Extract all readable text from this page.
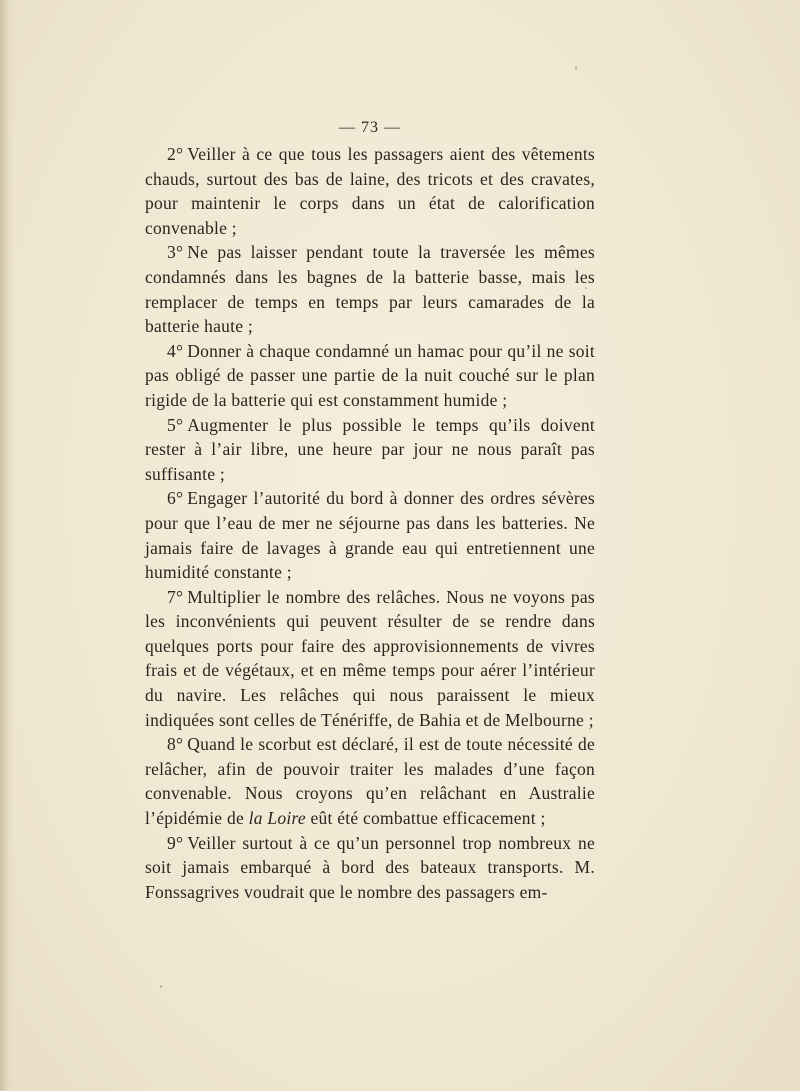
— 73 —

2° Veiller à ce que tous les passagers aient des vêtements chauds, surtout des bas de laine, des tricots et des cravates, pour maintenir le corps dans un état de calorification convenable ;

3° Ne pas laisser pendant toute la traversée les mêmes condamnés dans les bagnes de la batterie basse, mais les remplacer de temps en temps par leurs camarades de la batterie haute ;

4° Donner à chaque condamné un hamac pour qu’il ne soit pas obligé de passer une partie de la nuit couché sur le plan rigide de la batterie qui est constamment humide ;

5° Augmenter le plus possible le temps qu’ils doivent rester à l’air libre, une heure par jour ne nous paraît pas suffisante ;

6° Engager l’autorité du bord à donner des ordres sévères pour que l’eau de mer ne séjourne pas dans les batteries. Ne jamais faire de lavages à grande eau qui entretiennent une humidité constante ;

7° Multiplier le nombre des relâches. Nous ne voyons pas les inconvénients qui peuvent résulter de se rendre dans quelques ports pour faire des approvisionnements de vivres frais et de végétaux, et en même temps pour aérer l’intérieur du navire. Les relâches qui nous paraissent le mieux indiquées sont celles de Ténériffe, de Bahia et de Melbourne ;

8° Quand le scorbut est déclaré, il est de toute nécessité de relâcher, afin de pouvoir traiter les malades d’une façon convenable. Nous croyons qu’en relâchant en Australie l’épidémie de la Loire eût été combattue efficacement ;

9° Veiller surtout à ce qu’un personnel trop nombreux ne soit jamais embarqué à bord des bateaux transports. M. Fonssagrives voudrait que le nombre des passagers em-
